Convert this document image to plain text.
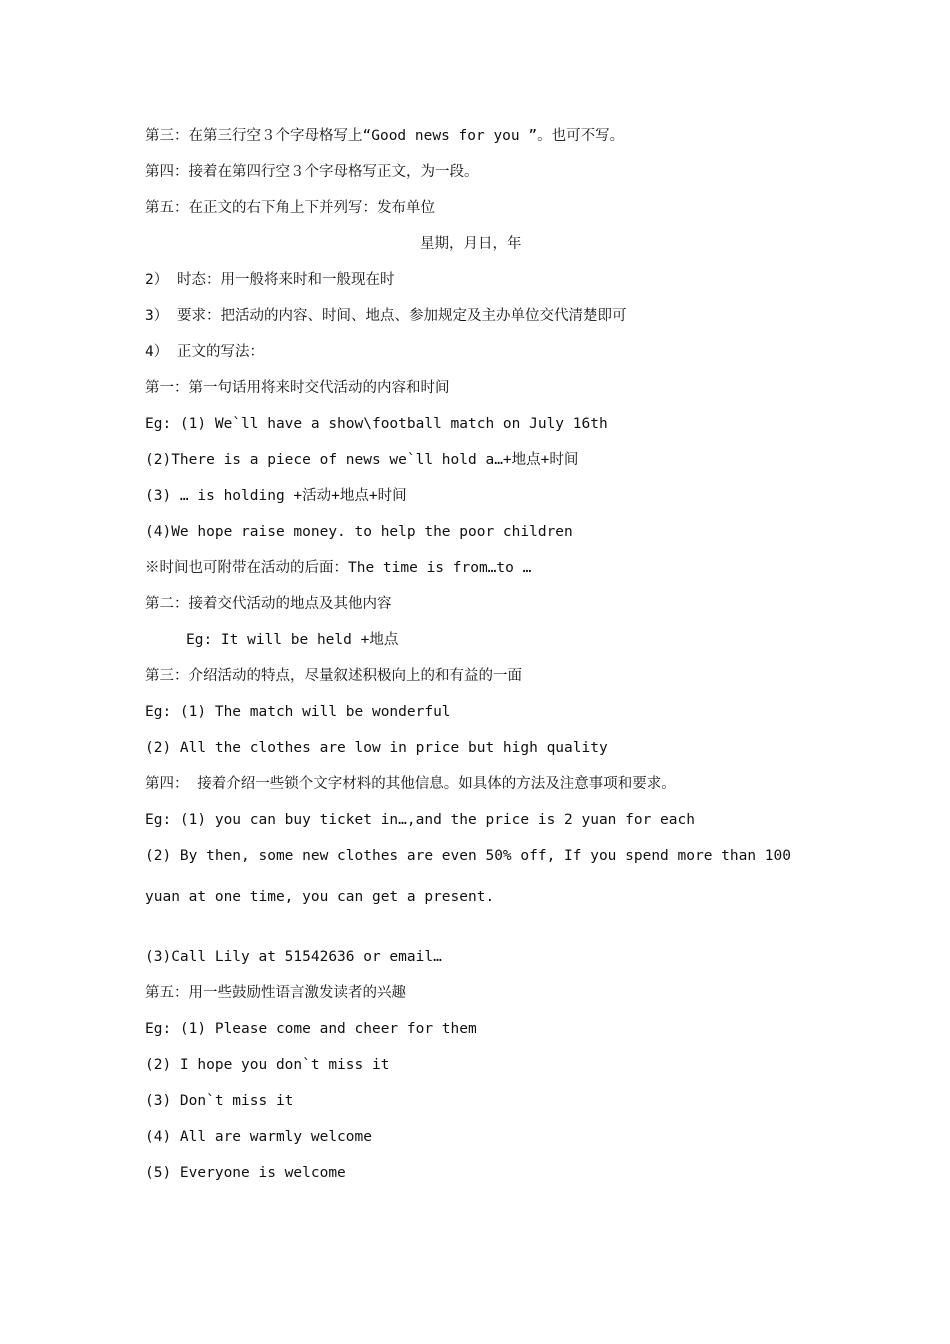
第三：在第三行空３个字母格写上“Good news for you ”。也可不写。
第四：接着在第四行空３个字母格写正文，为一段。
第五：在正文的右下角上下并列写：发布单位
星期，月日，年
2） 时态：用一般将来时和一般现在时
3） 要求：把活动的内容、时间、地点、参加规定及主办单位交代清楚即可
4） 正文的写法：
第一：第一句话用将来时交代活动的内容和时间
Eg: (1) We`ll have a show\football match on July 16th
(2)There is a piece of news we`ll hold a…+地点+时间
(3) … is holding +活动+地点+时间
(4)We hope raise money. to help the poor children
※时间也可附带在活动的后面：The time is from…to …
第二：接着交代活动的地点及其他内容
Eg: It will be held +地点
第三：介绍活动的特点，尽量叙述积极向上的和有益的一面
Eg: (1) The match will be wonderful
(2) All the clothes are low in price but high quality
第四： 接着介绍一些锁个文字材料的其他信息。如具体的方法及注意事项和要求。
Eg: (1) you can buy ticket in…,and the price is 2 yuan for each
(2) By then, some new clothes are even 50% off, If you spend more than 100
yuan at one time, you can get a present.
(3)Call Lily at 51542636 or email…
第五：用一些鼓励性语言激发读者的兴趣
Eg: (1) Please come and cheer for them
(2) I hope you don`t miss it
(3) Don`t miss it
(4) All are warmly welcome
(5) Everyone is welcome
